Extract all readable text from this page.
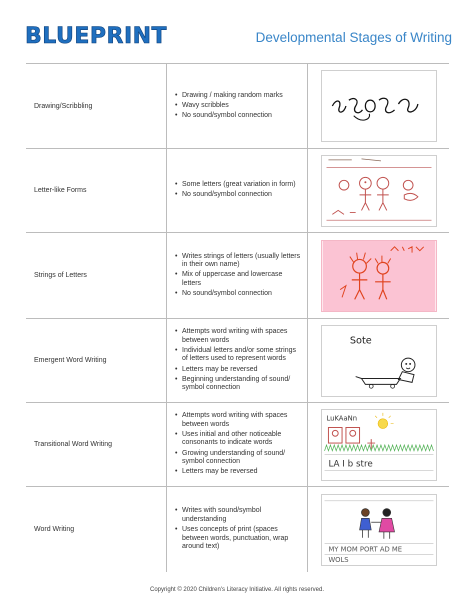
BLUEPRINT	Developmental Stages of Writing
Drawing/Scribbling
• Drawing / making random marks
• Wavy scribbles
• No sound/symbol connection
Letter-like Forms
• Some letters (great variation in form)
• No sound/symbol connection
Strings of Letters
• Writes strings of letters (usually letters in their own name)
• Mix of uppercase and lowercase letters
• No sound/symbol connection
Emergent Word Writing
• Attempts word writing with spaces between words
• Individual letters and/or some strings of letters used to represent words
• Letters may be reversed
• Beginning understanding of sound/ symbol connection
Sote
Transitional Word Writing
• Attempts word writing with spaces between words
• Uses initial and other noticeable consonants to indicate words
• Growing understanding of sound/ symbol connection
• Letters may be reversed
LuKAaNn
LA I b stre
Word Writing
• Writes with sound/symbol understanding
• Uses concepts of print (spaces between words, punctuation, wrap around text)	MY MOM PORT AD ME
WOLS
Copyright © 2020 Children's Literacy Initiative. All rights reserved.
